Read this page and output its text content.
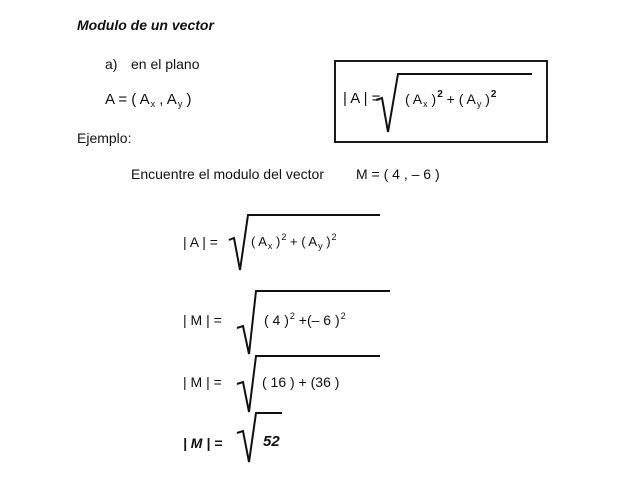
Modulo de un vector
a) en el plano
A = ( $A_x$ , $A_y$ )	| A | = ( $A_x$ )$^2$ + ( $A_y$ )$^2$
Ejemplo:
Encuentre el modulo del vector M = ( 4 , – 6 )
| A | =	( $A_x$ )$^2$ + ( $A_y$ )$^2$
| M | =	( 4 )$^2$ +(– 6 )$^2$
| M | =	( 16 ) + (36 )
| M | =	52
